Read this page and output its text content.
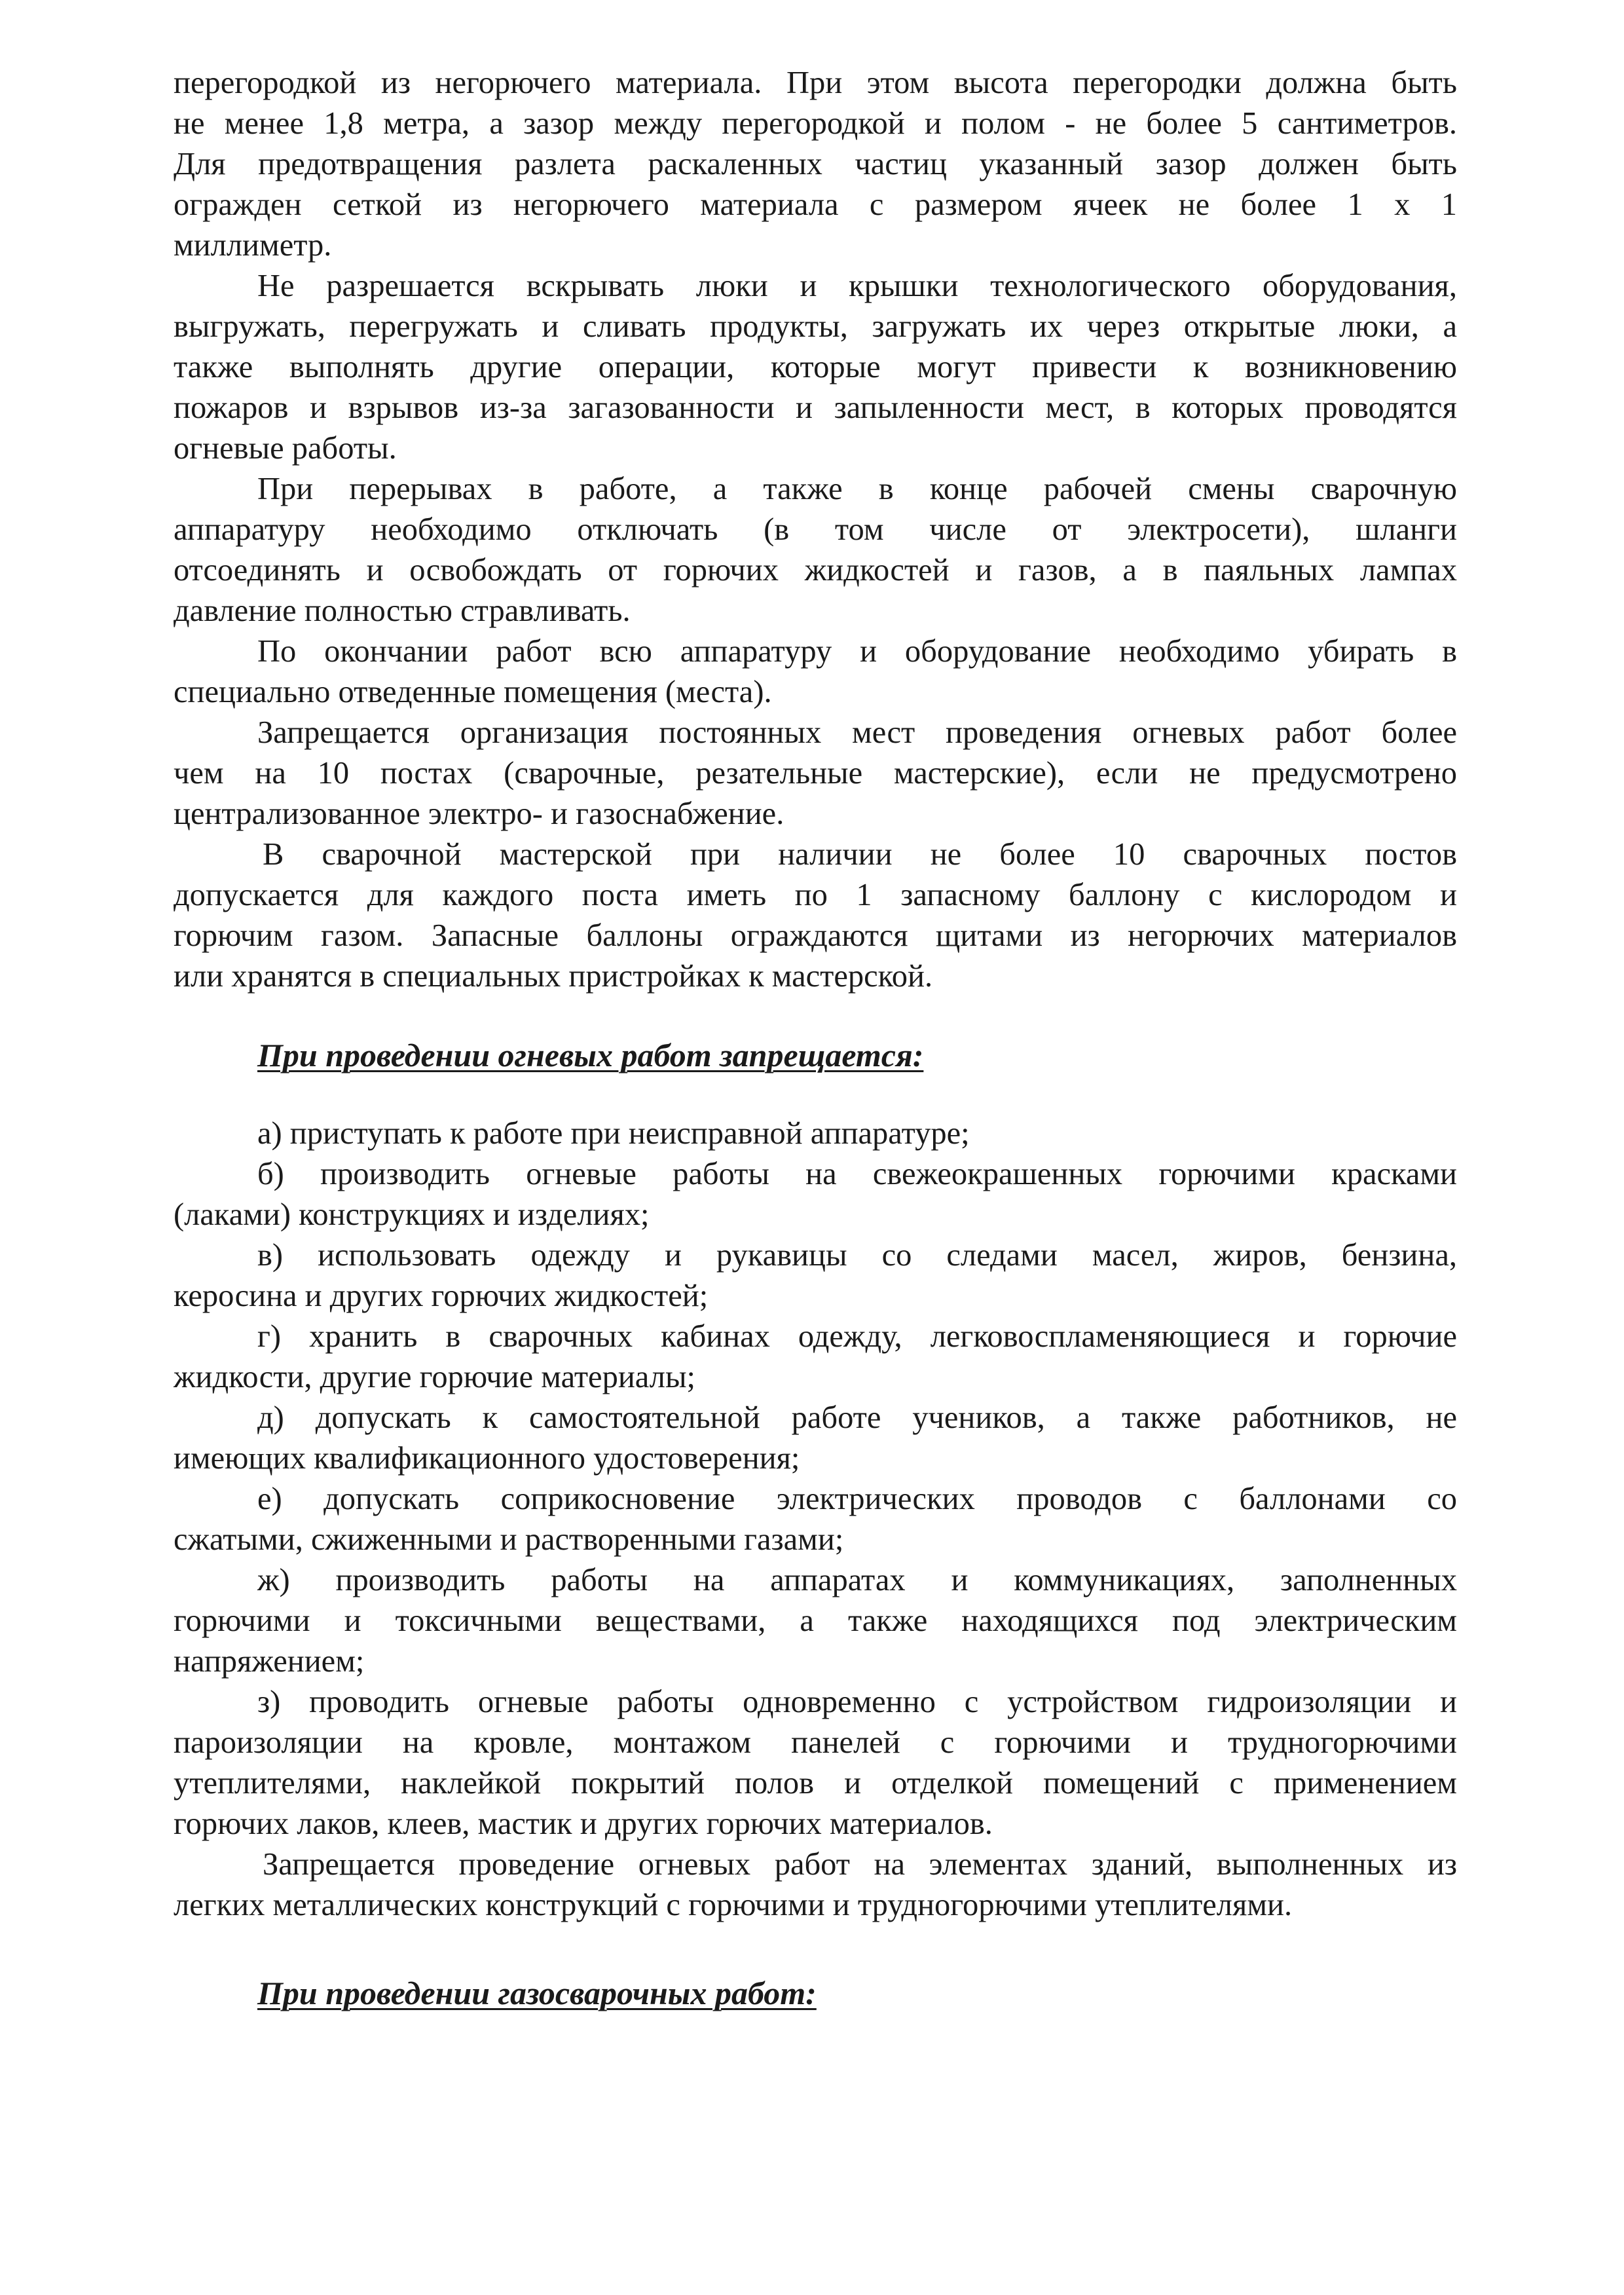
перегородкой из негорючего материала. При этом высота перегородки должна быть
не менее 1,8 метра, а зазор между перегородкой и полом - не более 5 сантиметров.
Для предотвращения разлета раскаленных частиц указанный зазор должен быть
огражден сеткой из негорючего материала с размером ячеек не более 1 х 1
миллиметр.
Не разрешается вскрывать люки и крышки технологического оборудования,
выгружать, перегружать и сливать продукты, загружать их через открытые люки, а
также выполнять другие операции, которые могут привести к возникновению
пожаров и взрывов из-за загазованности и запыленности мест, в которых проводятся
огневые работы.
При перерывах в работе, а также в конце рабочей смены сварочную
аппаратуру необходимо отключать (в том числе от электросети), шланги
отсоединять и освобождать от горючих жидкостей и газов, а в паяльных лампах
давление полностью стравливать.
По окончании работ всю аппаратуру и оборудование необходимо убирать в
специально отведенные помещения (места).
Запрещается организация постоянных мест проведения огневых работ более
чем на 10 постах (сварочные, резательные мастерские), если не предусмотрено
централизованное электро- и газоснабжение.
В сварочной мастерской при наличии не более 10 сварочных постов
допускается для каждого поста иметь по 1 запасному баллону с кислородом и
горючим газом. Запасные баллоны ограждаются щитами из негорючих материалов
или хранятся в специальных пристройках к мастерской.
При проведении огневых работ запрещается:
а) приступать к работе при неисправной аппаратуре;
б) производить огневые работы на свежеокрашенных горючими красками
(лаками) конструкциях и изделиях;
в) использовать одежду и рукавицы со следами масел, жиров, бензина,
керосина и других горючих жидкостей;
г) хранить в сварочных кабинах одежду, легковоспламеняющиеся и горючие
жидкости, другие горючие материалы;
д) допускать к самостоятельной работе учеников, а также работников, не
имеющих квалификационного удостоверения;
е) допускать соприкосновение электрических проводов с баллонами со
сжатыми, сжиженными и растворенными газами;
ж) производить работы на аппаратах и коммуникациях, заполненных
горючими и токсичными веществами, а также находящихся под электрическим
напряжением;
з) проводить огневые работы одновременно с устройством гидроизоляции и
пароизоляции на кровле, монтажом панелей с горючими и трудногорючими
утеплителями, наклейкой покрытий полов и отделкой помещений с применением
горючих лаков, клеев, мастик и других горючих материалов.
Запрещается проведение огневых работ на элементах зданий, выполненных из
легких металлических конструкций с горючими и трудногорючими утеплителями.
При проведении газосварочных работ:
